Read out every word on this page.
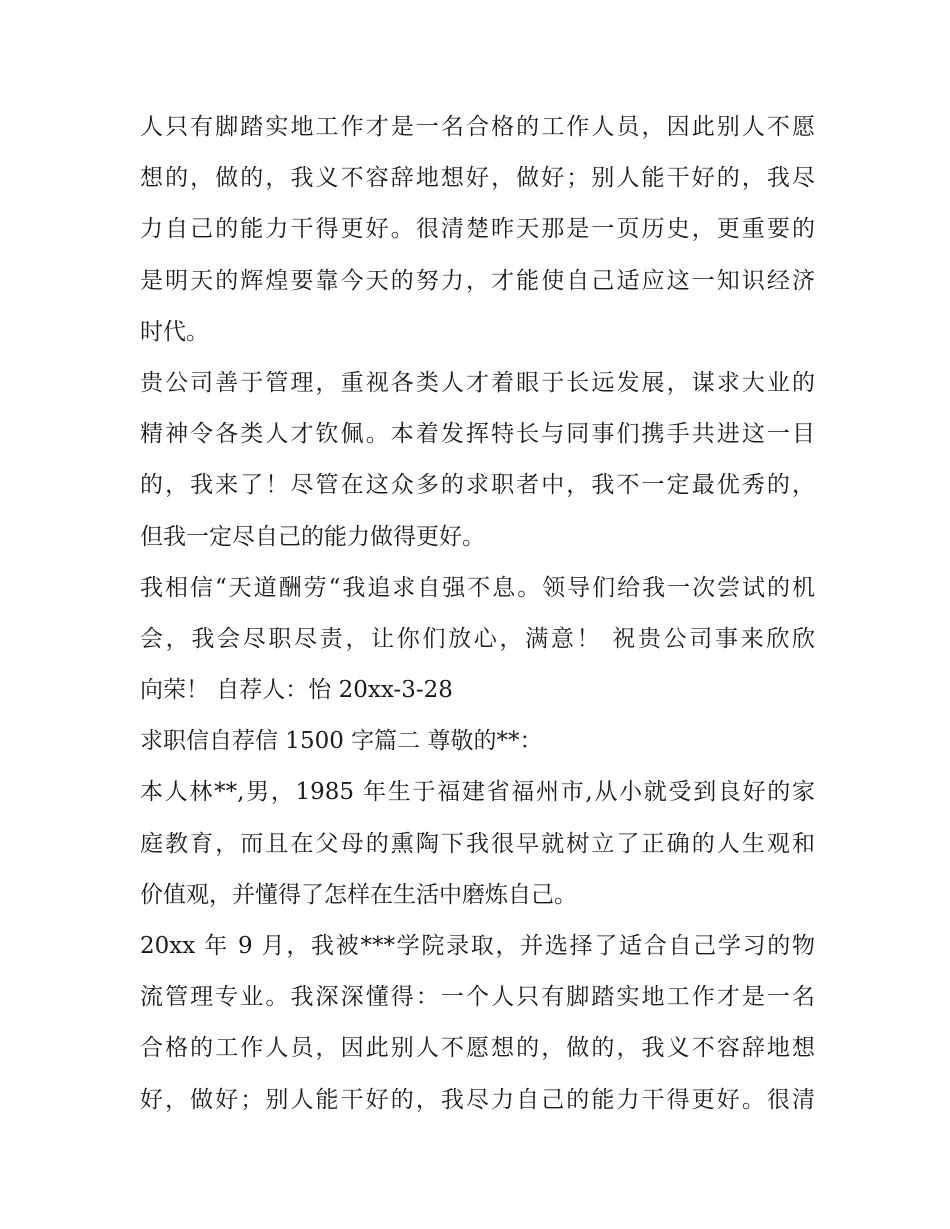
人只有脚踏实地工作才是一名合格的工作人员，因此别人不愿
想的，做的，我义不容辞地想好，做好；别人能干好的，我尽
力自己的能力干得更好。很清楚昨天那是一页历史，更重要的
是明天的辉煌要靠今天的努力，才能使自己适应这一知识经济
时代。
贵公司善于管理，重视各类人才着眼于长远发展，谋求大业的
精神令各类人才钦佩。本着发挥特长与同事们携手共进这一目
的，我来了！尽管在这众多的求职者中，我不一定最优秀的，
但我一定尽自己的能力做得更好。
我相信“天道酬劳“我追求自强不息。领导们给我一次尝试的机
会，我会尽职尽责，让你们放心，满意！ 祝贵公司事来欣欣
向荣！ 自荐人：怡 20xx-3-28
求职信自荐信 1500 字篇二 尊敬的**：
本人林**,男，1985 年生于福建省福州市,从小就受到良好的家
庭教育，而且在父母的熏陶下我很早就树立了正确的人生观和
价值观，并懂得了怎样在生活中磨炼自己。
20xx 年 9 月，我被***学院录取，并选择了适合自己学习的物
流管理专业。我深深懂得：一个人只有脚踏实地工作才是一名
合格的工作人员，因此别人不愿想的，做的，我义不容辞地想
好，做好；别人能干好的，我尽力自己的能力干得更好。很清
